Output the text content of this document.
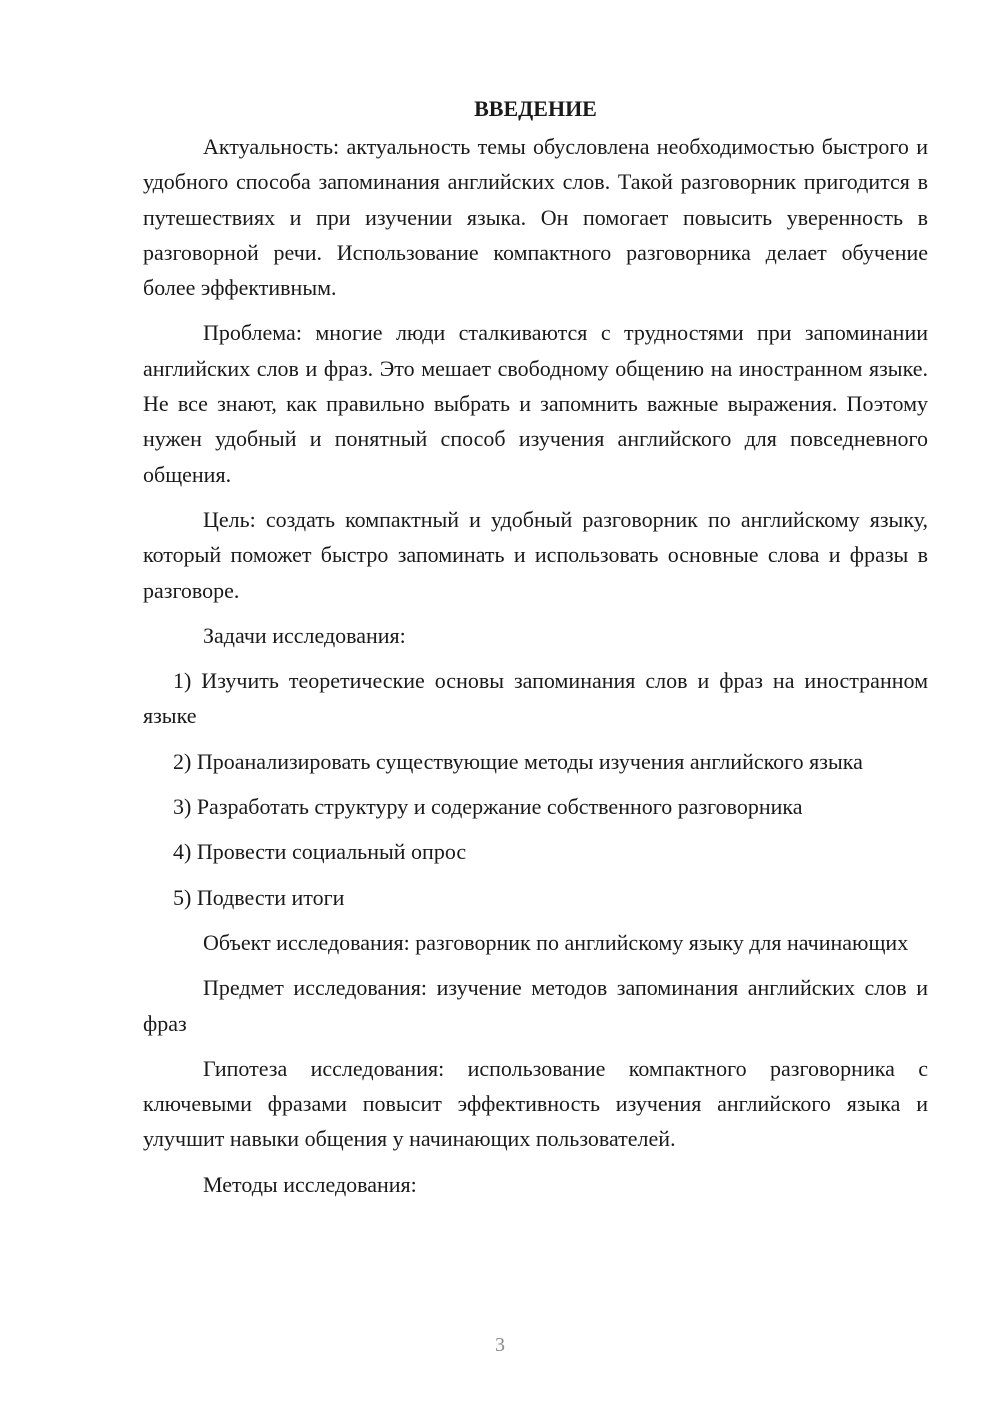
ВВЕДЕНИЕ

Актуальность: актуальность темы обусловлена необходимостью быстрого и удобного способа запоминания английских слов. Такой разговорник пригодится в путешествиях и при изучении языка. Он помогает повысить уверенность в разговорной речи. Использование компактного разговорника делает обучение более эффективным.

Проблема: многие люди сталкиваются с трудностями при запоминании английских слов и фраз. Это мешает свободному общению на иностранном языке. Не все знают, как правильно выбрать и запомнить важные выражения. Поэтому нужен удобный и понятный способ изучения английского для повседневного общения.

Цель: создать компактный и удобный разговорник по английскому языку, который поможет быстро запоминать и использовать основные слова и фразы в разговоре.

Задачи исследования:

1) Изучить теоретические основы запоминания слов и фраз на иностранном языке

2) Проанализировать существующие методы изучения английского языка

3) Разработать структуру и содержание собственного разговорника

4) Провести социальный опрос

5) Подвести итоги

Объект исследования: разговорник по английскому языку для начинающих

Предмет исследования: изучение методов запоминания английских слов и фраз

Гипотеза исследования: использование компактного разговорника с ключевыми фразами повысит эффективность изучения английского языка и улучшит навыки общения у начинающих пользователей.

Методы исследования:

3
